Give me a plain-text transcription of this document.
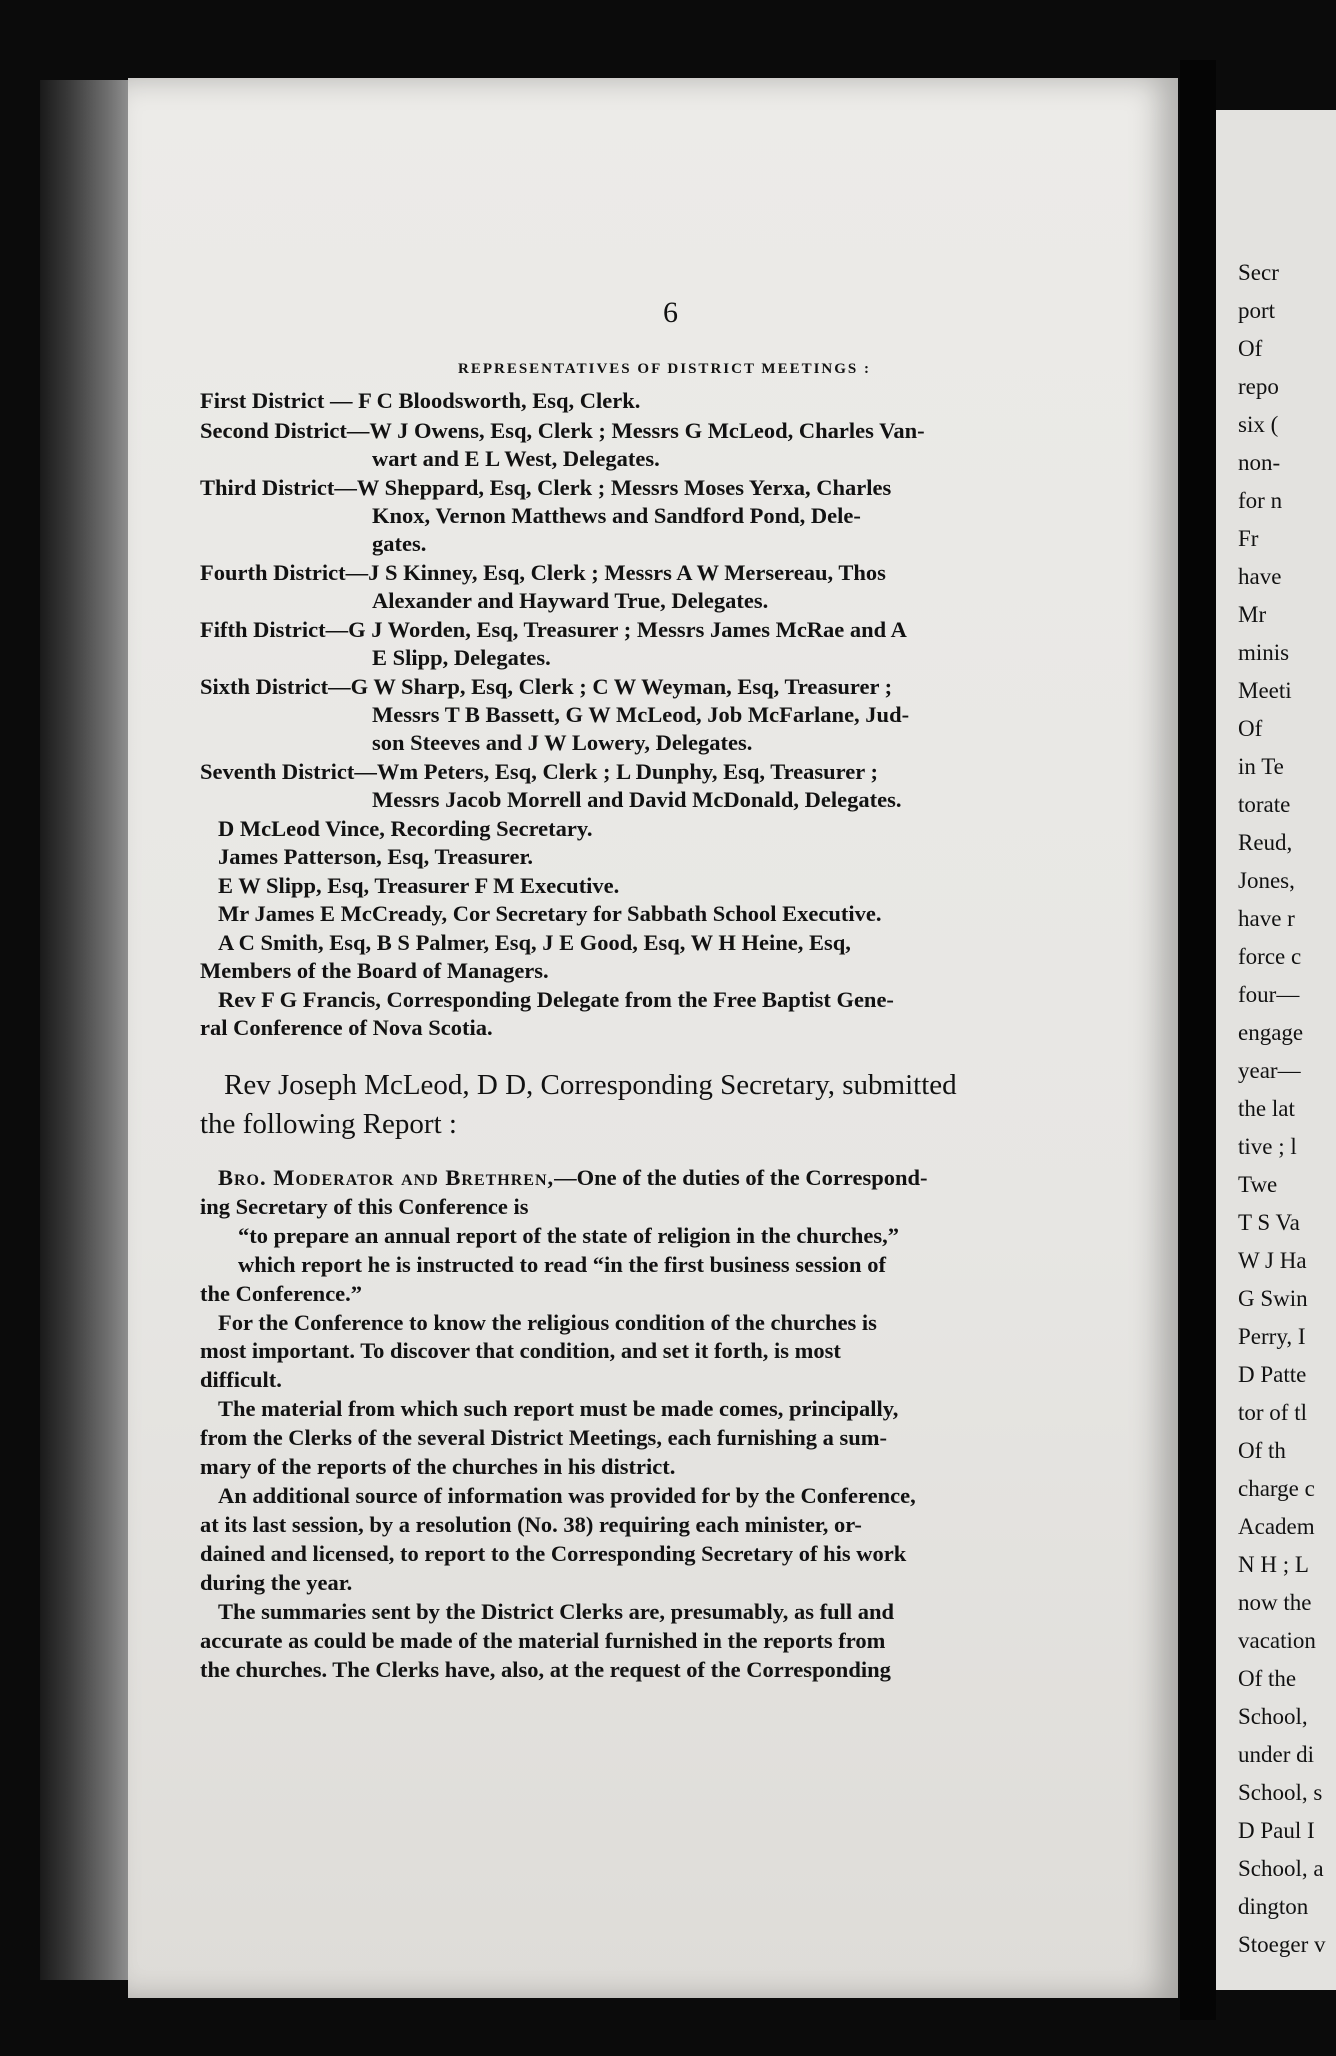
6
REPRESENTATIVES OF DISTRICT MEETINGS :
First District — F C Bloodsworth, Esq, Clerk.
Second District—W J Owens, Esq, Clerk ; Messrs G McLeod, Charles Van-
wart and E L West, Delegates.
Third District—W Sheppard, Esq, Clerk ; Messrs Moses Yerxa, Charles
Knox, Vernon Matthews and Sandford Pond, Dele-
gates.
Fourth District—J S Kinney, Esq, Clerk ; Messrs A W Mersereau, Thos
Alexander and Hayward True, Delegates.
Fifth District—G J Worden, Esq, Treasurer ; Messrs James McRae and A
E Slipp, Delegates.
Sixth District—G W Sharp, Esq, Clerk ; C W Weyman, Esq, Treasurer ;
Messrs T B Bassett, G W McLeod, Job McFarlane, Jud-
son Steeves and J W Lowery, Delegates.
Seventh District—Wm Peters, Esq, Clerk ; L Dunphy, Esq, Treasurer ;
Messrs Jacob Morrell and David McDonald, Delegates.
D McLeod Vince, Recording Secretary.
James Patterson, Esq, Treasurer.
E W Slipp, Esq, Treasurer F M Executive.
Mr James E McCready, Cor Secretary for Sabbath School Executive.
A C Smith, Esq, B S Palmer, Esq, J E Good, Esq, W H Heine, Esq,
Members of the Board of Managers.
Rev F G Francis, Corresponding Delegate from the Free Baptist Gene-
ral Conference of Nova Scotia.
Rev Joseph McLeod, D D, Corresponding Secretary, submitted
the following Report :
Bro. Moderator and Brethren,—One of the duties of the Correspond-
ing Secretary of this Conference is
“to prepare an annual report of the state of religion in the churches,”
which report he is instructed to read “in the first business session of
the Conference.”
For the Conference to know the religious condition of the churches is
most important. To discover that condition, and set it forth, is most
difficult.
The material from which such report must be made comes, principally,
from the Clerks of the several District Meetings, each furnishing a sum-
mary of the reports of the churches in his district.
An additional source of information was provided for by the Conference,
at its last session, by a resolution (No. 38) requiring each minister, or-
dained and licensed, to report to the Corresponding Secretary of his work
during the year.
The summaries sent by the District Clerks are, presumably, as full and
accurate as could be made of the material furnished in the reports from
the churches. The Clerks have, also, at the request of the Corresponding
Secr
port
Of
repo
six (
non-
for n
Fr
have
Mr
minis
Meeti
Of
in Te
torate
Reud,
Jones,
have r
force c
four—
engage
year—
the lat
tive ; l
Twe
T S Va
W J Ha
G Swin
Perry, I
D Patte
tor of tl
Of th
charge c
Academ
N H ; L
now the
vacation
Of the
School,
under di
School, s
D Paul I
School, a
dington
Stoeger v
